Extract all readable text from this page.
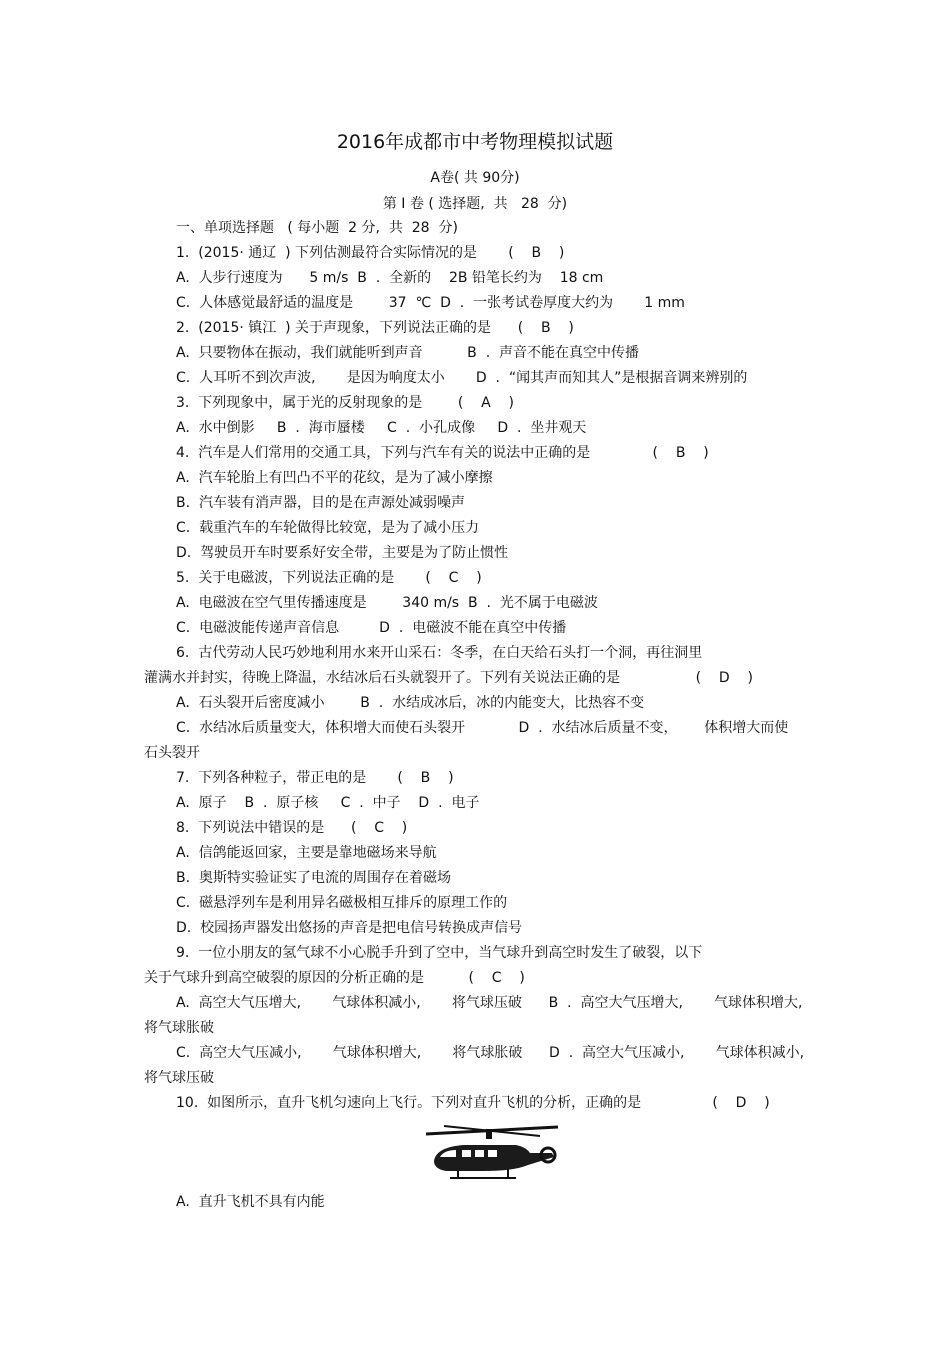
2016年成都市中考物理模拟试题
A卷( 共 90分)
第 I 卷 ( 选择题,  共   28  分)
一、单项选择题   ( 每小题  2 分,  共  28  分)
1.  (2015· 通辽  ) 下列估测最符合实际情况的是       (    B    )
A.  人步行速度为      5 m/s  B  .  全新的    2B 铅笔长约为    18 cm
C.  人体感觉最舒适的温度是        37  ℃  D  .  一张考试卷厚度大约为       1 mm
2.  (2015· 镇江  ) 关于声现象，下列说法正确的是      (    B    )
A.  只要物体在振动，我们就能听到声音          B  .  声音不能在真空中传播
C.  人耳听不到次声波,       是因为响度太小       D  .  “闻其声而知其人”是根据音调来辨别的
3.  下列现象中，属于光的反射现象的是        (    A    )
A.  水中倒影     B  .  海市蜃楼     C  .  小孔成像     D  .  坐井观天
4.  汽车是人们常用的交通工具，下列与汽车有关的说法中正确的是              (    B    )
A.  汽车轮胎上有凹凸不平的花纹，是为了减小摩擦
B.  汽车装有消声器，目的是在声源处减弱噪声
C.  载重汽车的车轮做得比较宽，是为了减小压力
D.  驾驶员开车时要系好安全带，主要是为了防止惯性
5.  关于电磁波，下列说法正确的是       (    C    )
A.  电磁波在空气里传播速度是        340 m/s  B  .  光不属于电磁波
C.  电磁波能传递声音信息         D  .  电磁波不能在真空中传播
6.  古代劳动人民巧妙地利用水来开山采石：冬季，在白天给石头打一个洞，再往洞里
灌满水并封实，待晚上降温，水结冰后石头就裂开了。下列有关说法正确的是                 (    D    )
A.  石头裂开后密度减小        B  .  水结成冰后，冰的内能变大，比热容不变
C.  水结冰后质量变大，体积增大而使石头裂开            D  .  水结冰后质量不变，      体积增大而使
石头裂开
7.  下列各种粒子，带正电的是       (    B    )
A.  原子    B  .  原子核     C  .  中子    D  .  电子
8.  下列说法中错误的是      (    C    )
A.  信鸽能返回家，主要是靠地磁场来导航
B.  奥斯特实验证实了电流的周围存在着磁场
C.  磁悬浮列车是利用异名磁极相互排斥的原理工作的
D.  校园扬声器发出悠扬的声音是把电信号转换成声信号
9.  一位小朋友的氢气球不小心脱手升到了空中，当气球升到高空时发生了破裂，以下
关于气球升到高空破裂的原因的分析正确的是          (    C    )
A.  高空大气压增大,       气球体积减小,       将气球压破      B  .  高空大气压增大,       气球体积增大,
将气球胀破
C.  高空大气压减小,       气球体积增大,       将气球胀破      D  .  高空大气压减小,       气球体积减小,
将气球压破
10.  如图所示，直升飞机匀速向上飞行。下列对直升飞机的分析，正确的是                (    D    )
A.  直升飞机不具有内能
